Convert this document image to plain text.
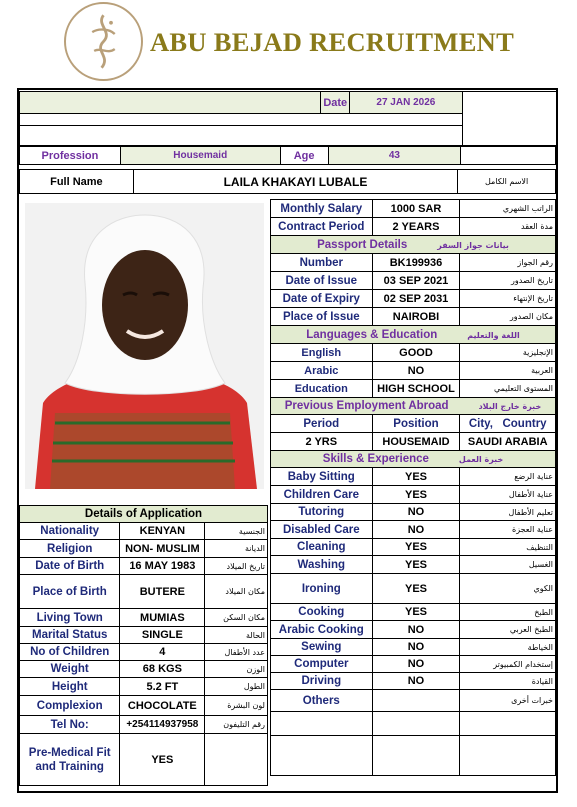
ABU BEJAD RECRUITMENT
	Date	27 JAN 2026	

Profession	Housemaid	Age	43	
Full Name	LAILA KHAKAYI LUBALE	الاسم الكامل
Monthly Salary	1000 SAR	الراتب الشهري
Contract Period	2 YEARS	مدة العقد
Passport Details بيانات جواز السفر		
Number	BK199936	رقم الجواز
Date of Issue	03 SEP 2021	تاريخ الصدور
Date of Expiry	02 SEP 2031	تاريخ الإنتهاء
Place of Issue	NAIROBI	مكان الصدور
Languages & Education اللغة والتعليم		
English	GOOD	الإنجليزية
Arabic	NO	العربية
Education	HIGH SCHOOL	المستوى التعليمي
Previous Employment Abroad خبرة خارج البلاد		
Period	Position	City,   Country
2 YRS	HOUSEMAID	SAUDI ARABIA
Skills & Experience خبرة العمل		
Baby Sitting	YES	عناية الرضع
Children Care	YES	عناية الأطفال
Tutoring	NO	تعليم الأطفال
Disabled Care	NO	عناية العجزة
Cleaning	YES	التنظيف
Washing	YES	الغسيل
Ironing	YES	الكوي
Cooking	YES	الطبخ
Arabic Cooking	NO	الطبخ العربي
Sewing	NO	الخياطة
Computer	NO	إستخدام الكمبيوتر
Driving	NO	القيادة
Others		خبرات أخرى

Details of Application		
Nationality	KENYAN	الجنسية
Religion	NON- MUSLIM	الديانة
Date of Birth	16 MAY 1983	تاريخ الميلاد
Place of Birth	BUTERE	مكان الميلاد
Living Town	MUMIAS	مكان السكن
Marital Status	SINGLE	الحالة
No of Children	4	عدد الأطفال
Weight	68 KGS	الوزن
Height	5.2 FT	الطول
Complexion	CHOCOLATE	لون البشرة
Tel No:	+254114937958	رقم التليفون
Pre-Medical Fit and Training	YES	
